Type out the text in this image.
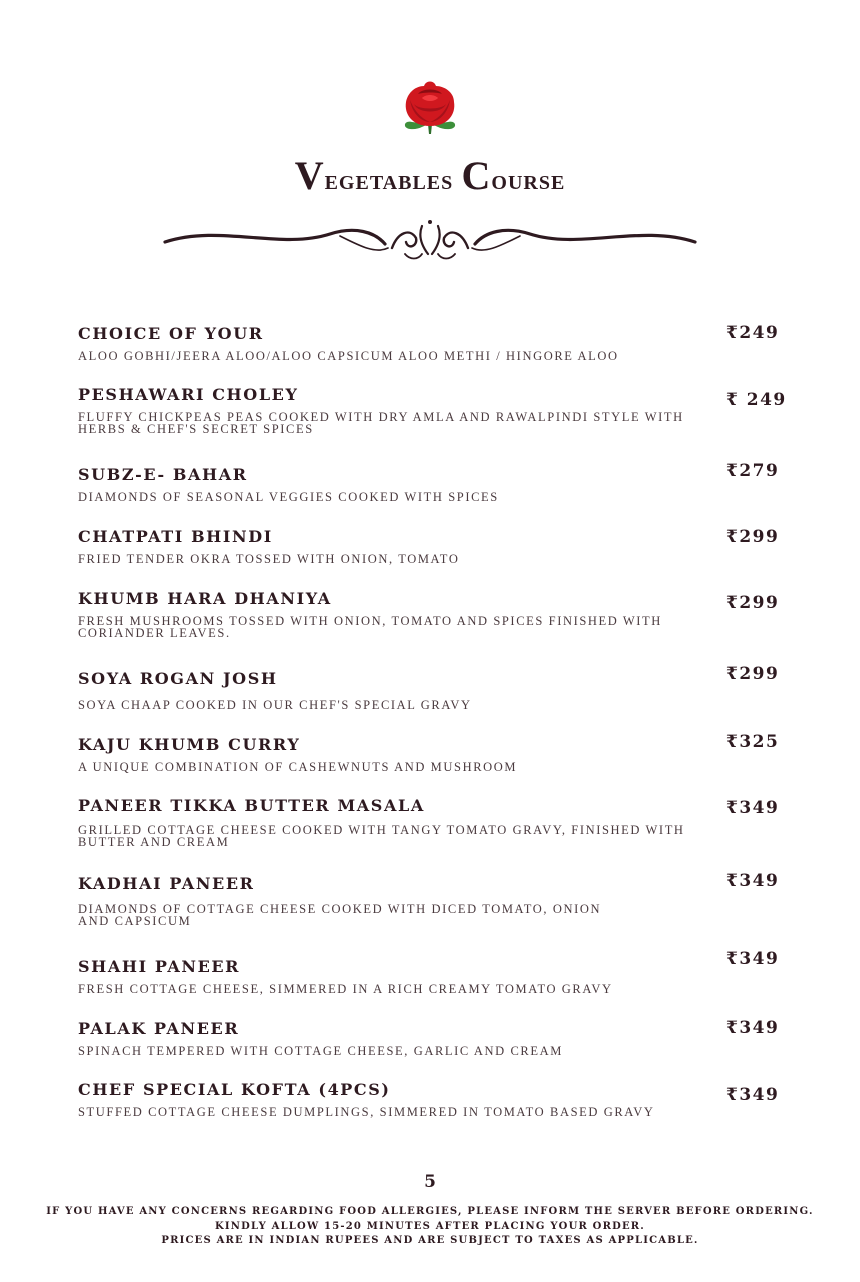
Vegetables Course
CHOICE OF YOUR
ALOO GOBHI/JEERA ALOO/ALOO CAPSICUM ALOO METHI / HINGORE ALOO
₹249
PESHAWARI CHOLEY
FLUFFY CHICKPEAS PEAS COOKED WITH DRY AMLA AND RAWALPINDI STYLE WITH HERBS & CHEF'S SECRET SPICES
₹ 249
SUBZ-E- BAHAR
DIAMONDS OF SEASONAL VEGGIES COOKED WITH SPICES
₹279
CHATPATI BHINDI
FRIED TENDER OKRA TOSSED WITH ONION, TOMATO
₹299
KHUMB HARA DHANIYA
FRESH MUSHROOMS TOSSED WITH ONION, TOMATO AND SPICES FINISHED WITH CORIANDER LEAVES.
₹299
SOYA ROGAN JOSH
SOYA CHAAP COOKED IN OUR CHEF'S SPECIAL GRAVY
₹299
KAJU KHUMB CURRY
A UNIQUE COMBINATION OF CASHEWNUTS AND MUSHROOM
₹325
PANEER TIKKA BUTTER MASALA
GRILLED COTTAGE CHEESE COOKED WITH TANGY TOMATO GRAVY, FINISHED WITH BUTTER AND CREAM
₹349
KADHAI PANEER
DIAMONDS OF COTTAGE CHEESE COOKED WITH DICED TOMATO, ONION AND CAPSICUM
₹349
SHAHI PANEER
FRESH COTTAGE CHEESE, SIMMERED IN A RICH CREAMY TOMATO GRAVY
₹349
PALAK PANEER
SPINACH TEMPERED WITH COTTAGE CHEESE, GARLIC AND CREAM
₹349
CHEF SPECIAL KOFTA (4PCS)
STUFFED COTTAGE CHEESE DUMPLINGS, SIMMERED IN TOMATO BASED GRAVY
₹349
5
IF YOU HAVE ANY CONCERNS REGARDING FOOD ALLERGIES, PLEASE INFORM THE SERVER BEFORE ORDERING.
KINDLY ALLOW 15-20 MINUTES AFTER PLACING YOUR ORDER.
PRICES ARE IN INDIAN RUPEES AND ARE SUBJECT TO TAXES AS APPLICABLE.
